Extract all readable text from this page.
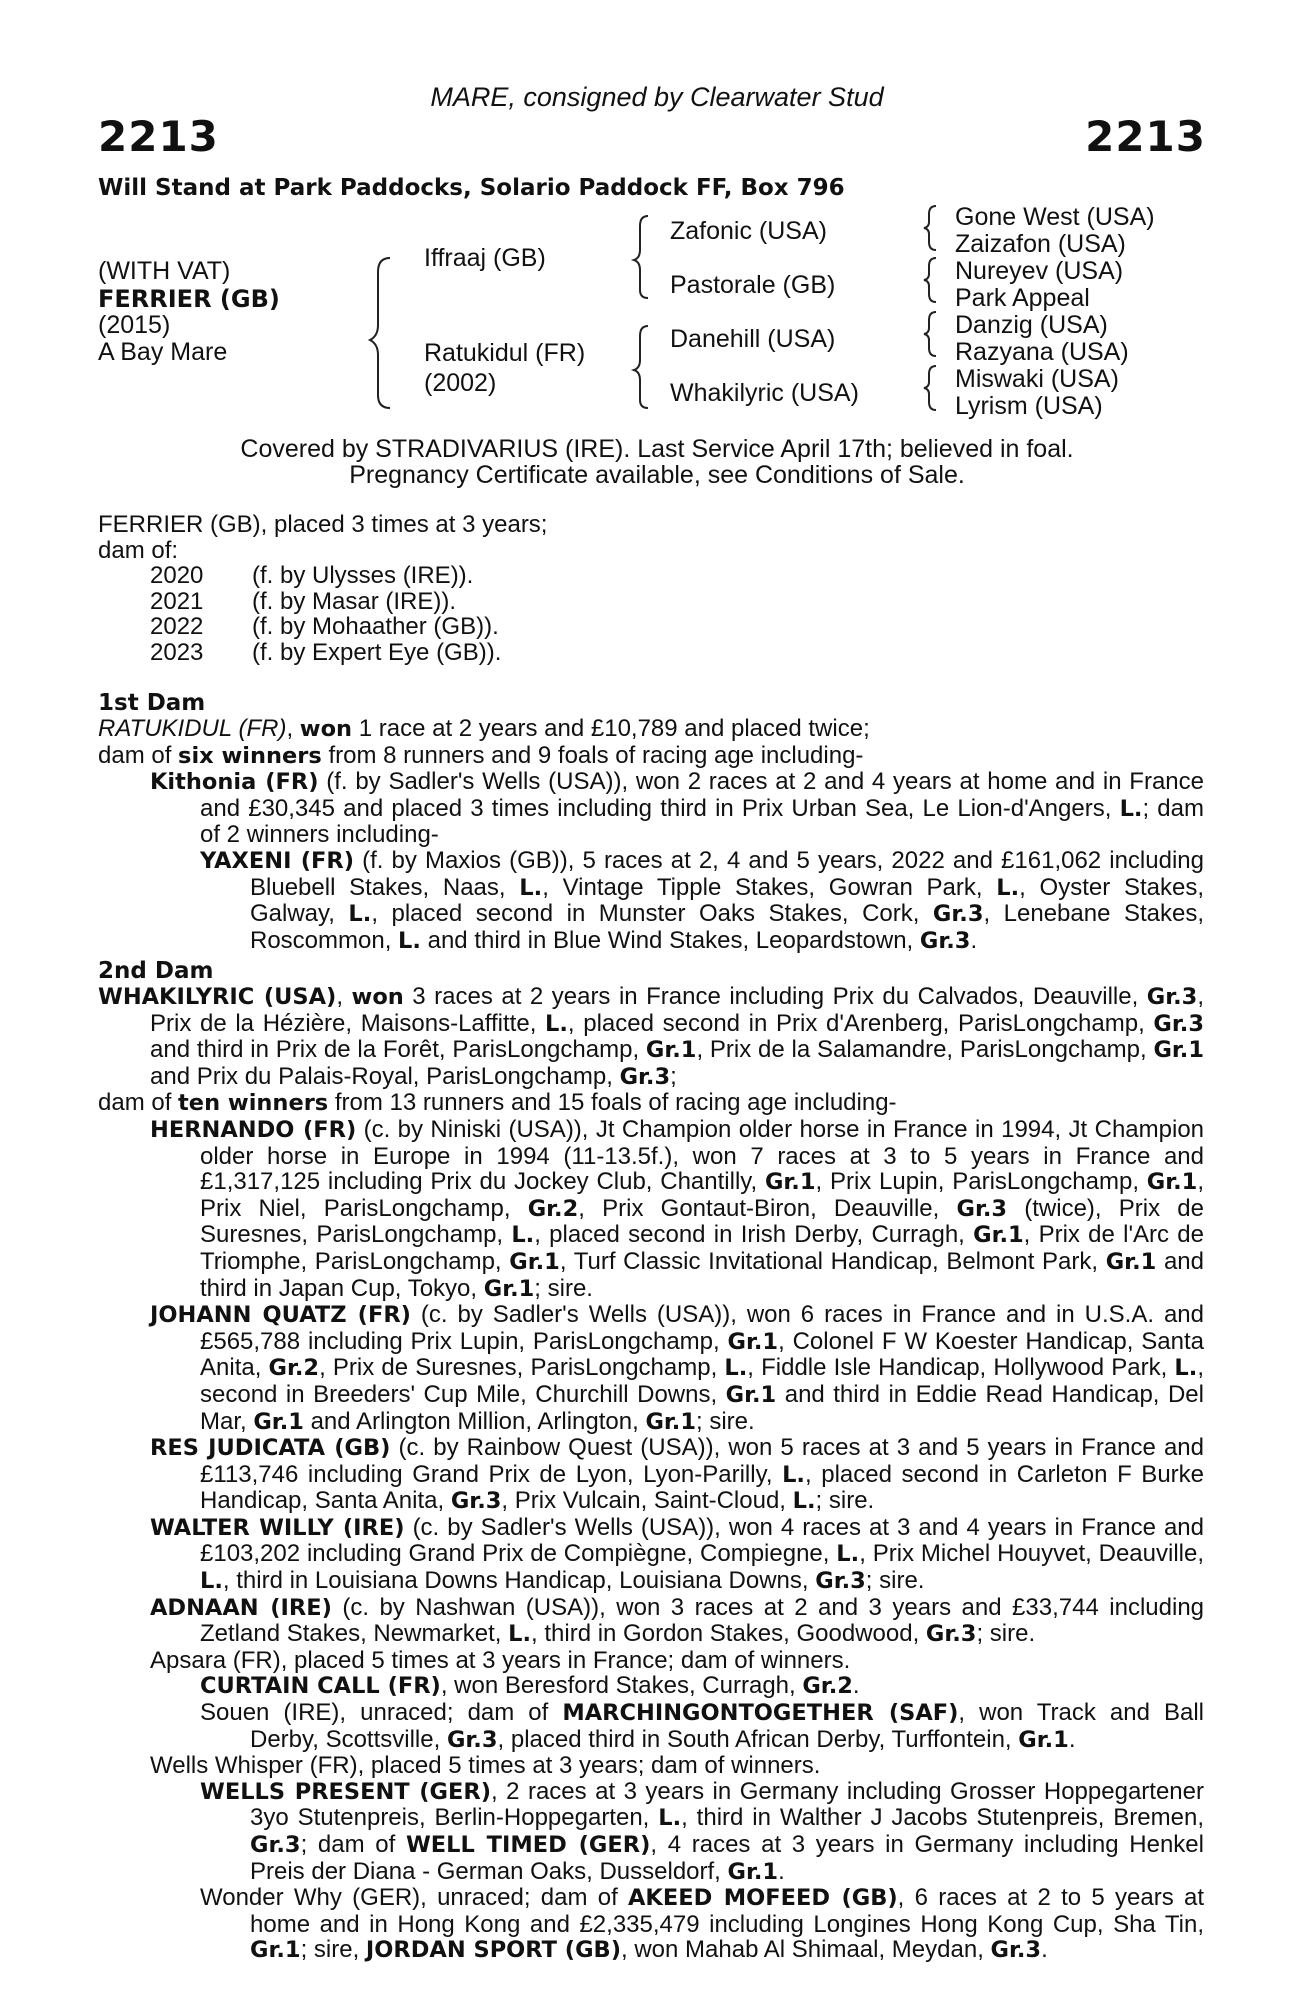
MARE, consigned by Clearwater Stud
2213	2213
Will Stand at Park Paddocks, Solario Paddock FF, Box 796
(WITH VAT)
FERRIER (GB)
(2015)
A Bay Mare
Iffraaj (GB)
Ratukidul (FR)
(2002)
Zafonic (USA)
Pastorale (GB)
Danehill (USA)
Whakilyric (USA)
Gone West (USA)
Zaizafon (USA)
Nureyev (USA)
Park Appeal
Danzig (USA)
Razyana (USA)
Miswaki (USA)
Lyrism (USA)
Covered by STRADIVARIUS (IRE). Last Service April 17th; believed in foal.
Pregnancy Certificate available, see Conditions of Sale.
FERRIER (GB), placed 3 times at 3 years;
dam of:
2020 (f. by Ulysses (IRE)).
2021 (f. by Masar (IRE)).
2022 (f. by Mohaather (GB)).
2023 (f. by Expert Eye (GB)).
1st Dam
RATUKIDUL (FR), won 1 race at 2 years and £10,789 and placed twice;
dam of six winners from 8 runners and 9 foals of racing age including-
Kithonia (FR) (f. by Sadler's Wells (USA)), won 2 races at 2 and 4 years at home and in France and £30,345 and placed 3 times including third in Prix Urban Sea, Le Lion-d'Angers, L.; dam of 2 winners including-
YAXENI (FR) (f. by Maxios (GB)), 5 races at 2, 4 and 5 years, 2022 and £161,062 including Bluebell Stakes, Naas, L., Vintage Tipple Stakes, Gowran Park, L., Oyster Stakes, Galway, L., placed second in Munster Oaks Stakes, Cork, Gr.3, Lenebane Stakes, Roscommon, L. and third in Blue Wind Stakes, Leopardstown, Gr.3.
2nd Dam
WHAKILYRIC (USA), won 3 races at 2 years in France including Prix du Calvados, Deauville, Gr.3, Prix de la Hézière, Maisons-Laffitte, L., placed second in Prix d'Arenberg, ParisLongchamp, Gr.3 and third in Prix de la Forêt, ParisLongchamp, Gr.1, Prix de la Salamandre, ParisLongchamp, Gr.1 and Prix du Palais-Royal, ParisLongchamp, Gr.3;
dam of ten winners from 13 runners and 15 foals of racing age including-
HERNANDO (FR) (c. by Niniski (USA)), Jt Champion older horse in France in 1994, Jt Champion older horse in Europe in 1994 (11-13.5f.), won 7 races at 3 to 5 years in France and £1,317,125 including Prix du Jockey Club, Chantilly, Gr.1, Prix Lupin, ParisLongchamp, Gr.1, Prix Niel, ParisLongchamp, Gr.2, Prix Gontaut-Biron, Deauville, Gr.3 (twice), Prix de Suresnes, ParisLongchamp, L., placed second in Irish Derby, Curragh, Gr.1, Prix de l'Arc de Triomphe, ParisLongchamp, Gr.1, Turf Classic Invitational Handicap, Belmont Park, Gr.1 and third in Japan Cup, Tokyo, Gr.1; sire.
JOHANN QUATZ (FR) (c. by Sadler's Wells (USA)), won 6 races in France and in U.S.A. and £565,788 including Prix Lupin, ParisLongchamp, Gr.1, Colonel F W Koester Handicap, Santa Anita, Gr.2, Prix de Suresnes, ParisLongchamp, L., Fiddle Isle Handicap, Hollywood Park, L., second in Breeders' Cup Mile, Churchill Downs, Gr.1 and third in Eddie Read Handicap, Del Mar, Gr.1 and Arlington Million, Arlington, Gr.1; sire.
RES JUDICATA (GB) (c. by Rainbow Quest (USA)), won 5 races at 3 and 5 years in France and £113,746 including Grand Prix de Lyon, Lyon-Parilly, L., placed second in Carleton F Burke Handicap, Santa Anita, Gr.3, Prix Vulcain, Saint-Cloud, L.; sire.
WALTER WILLY (IRE) (c. by Sadler's Wells (USA)), won 4 races at 3 and 4 years in France and £103,202 including Grand Prix de Compiègne, Compiegne, L., Prix Michel Houyvet, Deauville, L., third in Louisiana Downs Handicap, Louisiana Downs, Gr.3; sire.
ADNAAN (IRE) (c. by Nashwan (USA)), won 3 races at 2 and 3 years and £33,744 including Zetland Stakes, Newmarket, L., third in Gordon Stakes, Goodwood, Gr.3; sire.
Apsara (FR), placed 5 times at 3 years in France; dam of winners.
CURTAIN CALL (FR), won Beresford Stakes, Curragh, Gr.2.
Souen (IRE), unraced; dam of MARCHINGONTOGETHER (SAF), won Track and Ball Derby, Scottsville, Gr.3, placed third in South African Derby, Turffontein, Gr.1.
Wells Whisper (FR), placed 5 times at 3 years; dam of winners.
WELLS PRESENT (GER), 2 races at 3 years in Germany including Grosser Hoppegartener 3yo Stutenpreis, Berlin-Hoppegarten, L., third in Walther J Jacobs Stutenpreis, Bremen, Gr.3; dam of WELL TIMED (GER), 4 races at 3 years in Germany including Henkel Preis der Diana - German Oaks, Dusseldorf, Gr.1.
Wonder Why (GER), unraced; dam of AKEED MOFEED (GB), 6 races at 2 to 5 years at home and in Hong Kong and £2,335,479 including Longines Hong Kong Cup, Sha Tin, Gr.1; sire, JORDAN SPORT (GB), won Mahab Al Shimaal, Meydan, Gr.3.
